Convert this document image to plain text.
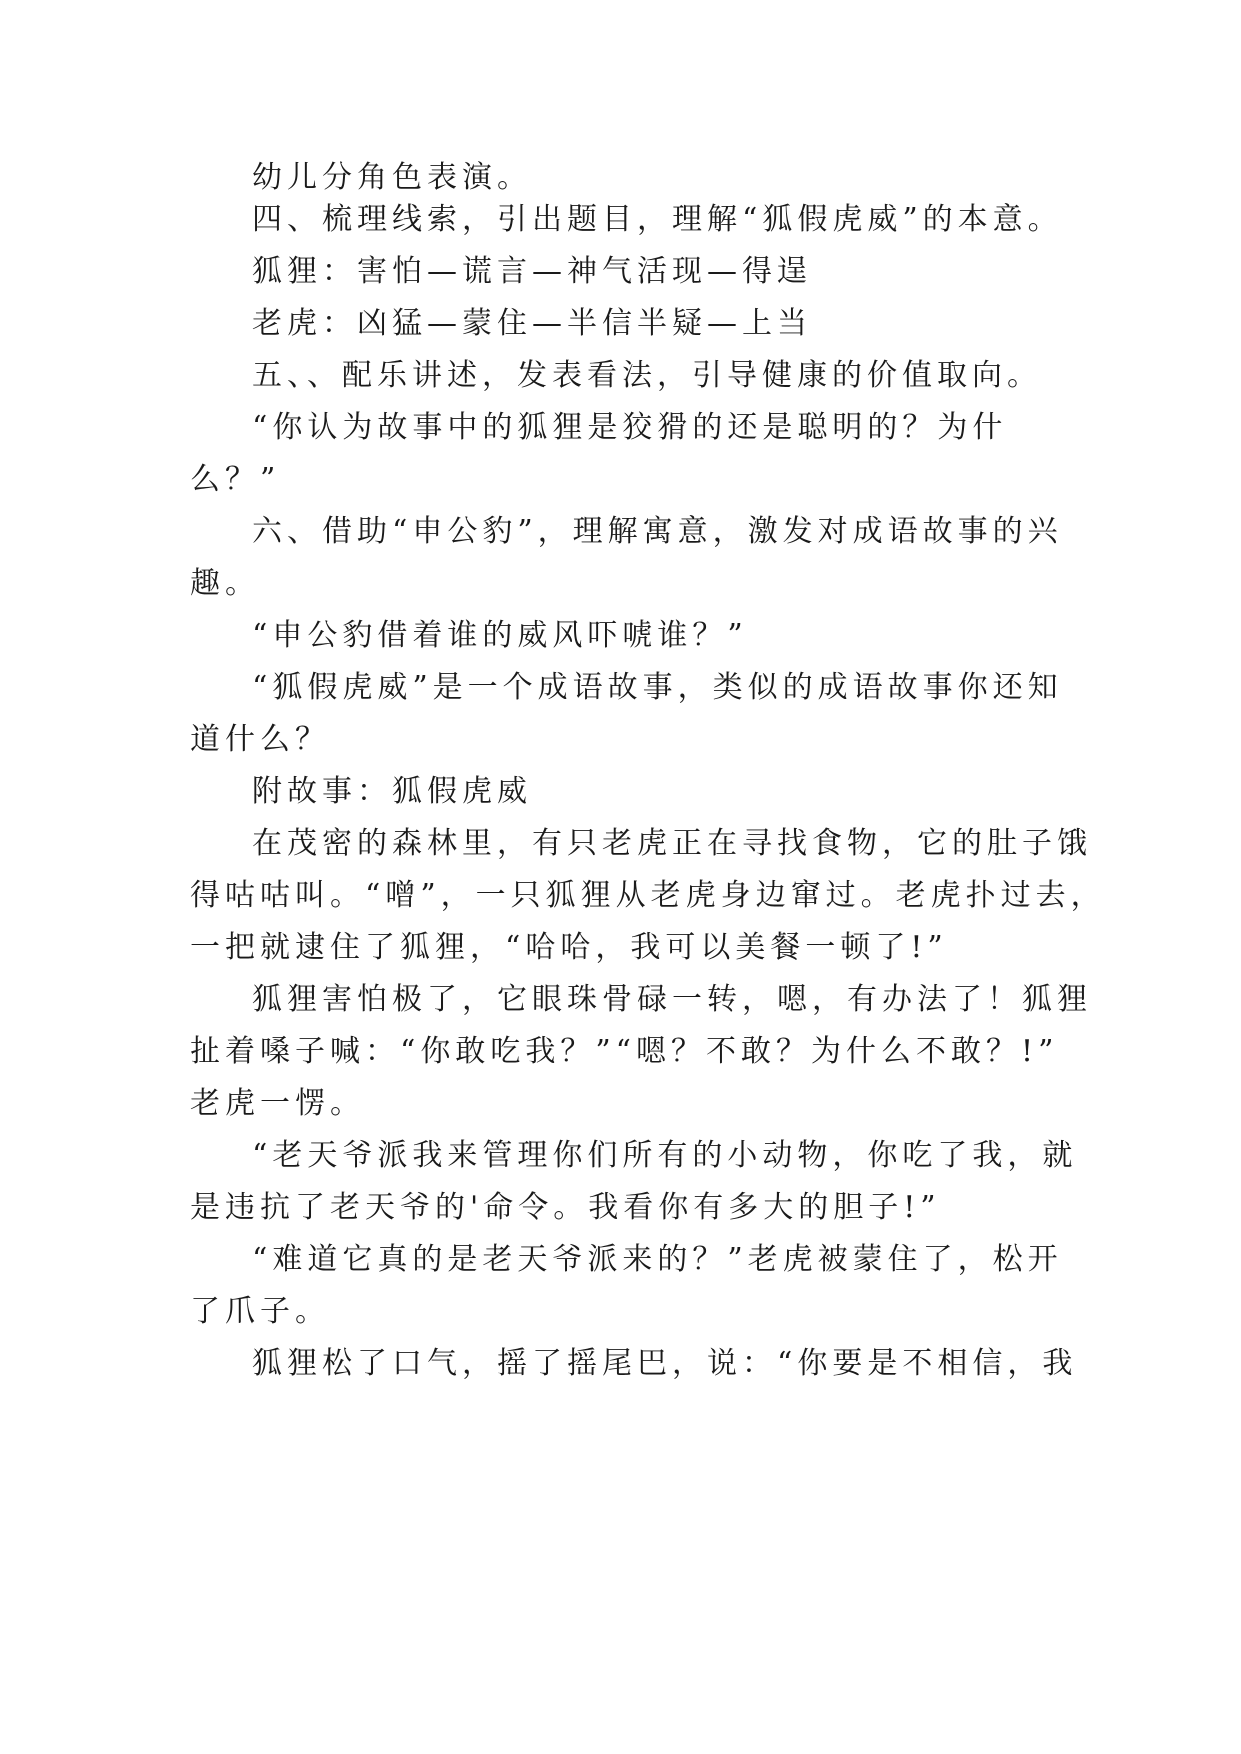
幼儿分角色表演。
四、梳理线索，引出题目，理解“狐假虎威”的本意。
狐狸：害怕—谎言—神气活现—得逞
老虎：凶猛—蒙住—半信半疑—上当
五、、配乐讲述，发表看法，引导健康的价值取向。
“你认为故事中的狐狸是狡猾的还是聪明的？为什
么？”
六、借助“申公豹”，理解寓意，激发对成语故事的兴
趣。
“申公豹借着谁的威风吓唬谁？”
“狐假虎威”是一个成语故事，类似的成语故事你还知
道什么？
附故事：狐假虎威
在茂密的森林里，有只老虎正在寻找食物，它的肚子饿
得咕咕叫。“噌”，一只狐狸从老虎身边窜过。老虎扑过去，
一把就逮住了狐狸，“哈哈，我可以美餐一顿了!”
狐狸害怕极了，它眼珠骨碌一转，嗯，有办法了！狐狸
扯着嗓子喊：“你敢吃我？”“嗯？不敢？为什么不敢？!”
老虎一愣。
“老天爷派我来管理你们所有的小动物，你吃了我，就
是违抗了老天爷的'命令。我看你有多大的胆子!”
“难道它真的是老天爷派来的？”老虎被蒙住了，松开
了爪子。
狐狸松了口气，摇了摇尾巴，说：“你要是不相信，我
